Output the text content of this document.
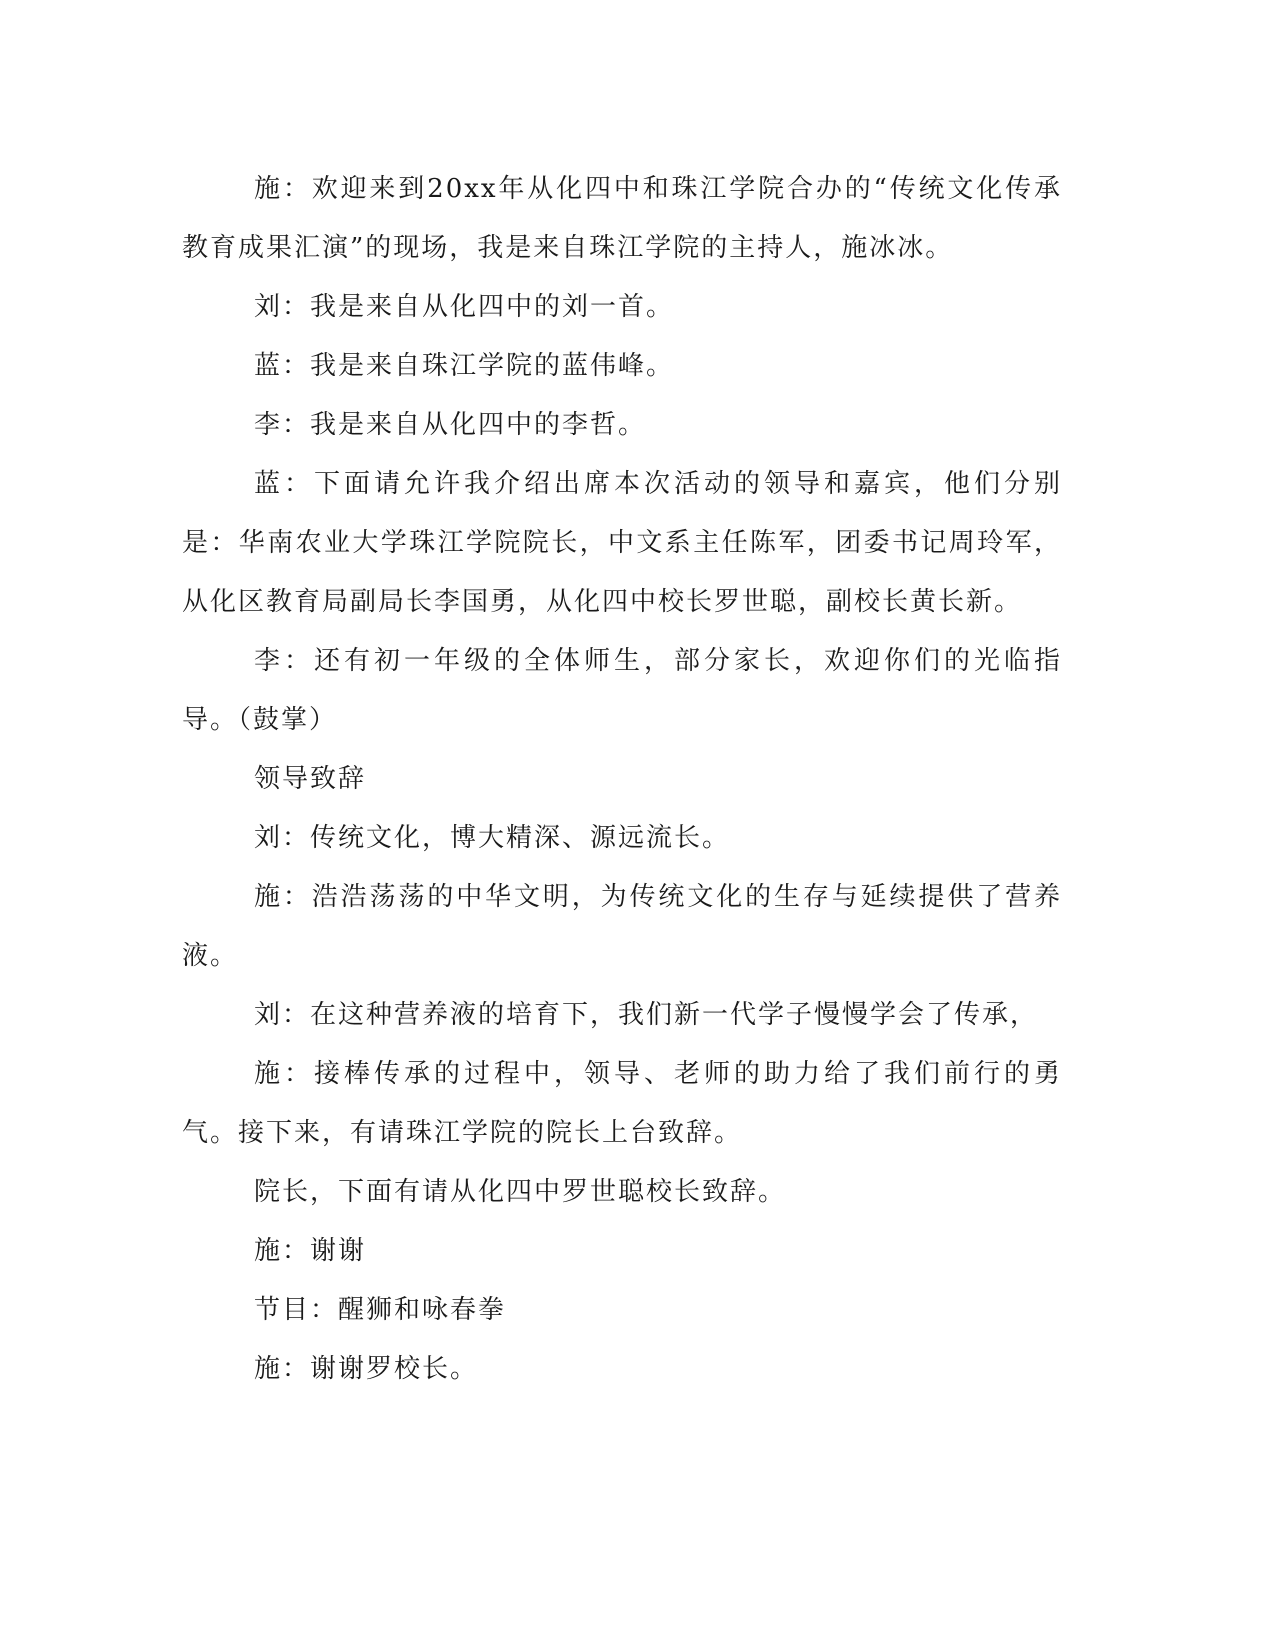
施：欢迎来到20xx年从化四中和珠江学院合办的“传统文化传承教育成果汇演”的现场，我是来自珠江学院的主持人，施冰冰。

刘：我是来自从化四中的刘一首。

蓝：我是来自珠江学院的蓝伟峰。

李：我是来自从化四中的李哲。

蓝：下面请允许我介绍出席本次活动的领导和嘉宾，他们分别是：华南农业大学珠江学院院长，中文系主任陈军，团委书记周玲军，从化区教育局副局长李国勇，从化四中校长罗世聪，副校长黄长新。

李：还有初一年级的全体师生，部分家长，欢迎你们的光临指导。（鼓掌）

领导致辞

刘：传统文化，博大精深、源远流长。

施：浩浩荡荡的中华文明，为传统文化的生存与延续提供了营养液。

刘：在这种营养液的培育下，我们新一代学子慢慢学会了传承，

施：接棒传承的过程中，领导、老师的助力给了我们前行的勇气。接下来，有请珠江学院的院长上台致辞。

院长，下面有请从化四中罗世聪校长致辞。

施：谢谢

节目：醒狮和咏春拳

施：谢谢罗校长。
